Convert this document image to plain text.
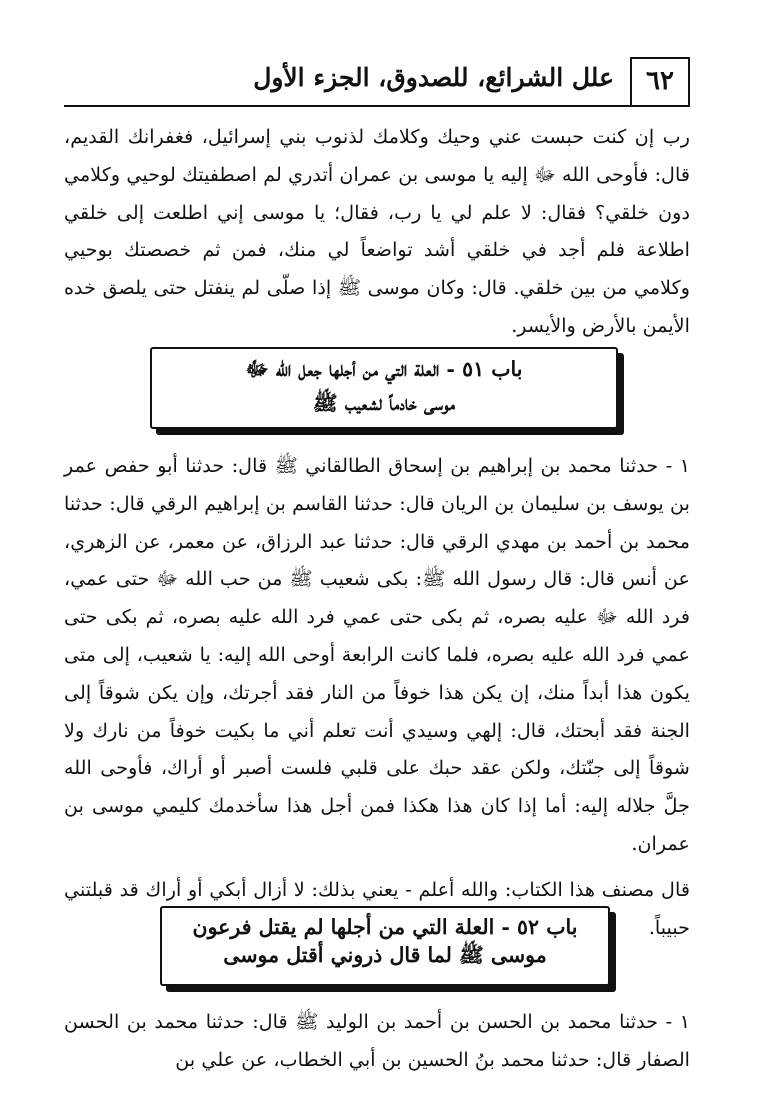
٦٢
علل الشرائع، للصدوق، الجزء الأول

رب إن كنت حبست عني وحيك وكلامك لذنوب بني إسرائيل، فغفرانك القديم، قال: فأوحى الله ﷻ إليه يا موسى بن عمران أتدري لم اصطفيتك لوحيي وكلامي دون خلقي؟ فقال: لا علم لي يا رب، فقال؛ يا موسى إني اطلعت إلى خلقي اطلاعة فلم أجد في خلقي أشد تواضعاً لي منك، فمن ثم خصصتك بوحيي وكلامي من بين خلقي. قال: وكان موسى ﷺ إذا صلّى لم ينفتل حتى يلصق خده الأيمن بالأرض والأيسر.

باب ٥١ - العلة التي من أجلها جعل الله ﷻ
موسى خادماً لشعيب ﷺ

١ - حدثنا محمد بن إبراهيم بن إسحاق الطالقاني ﷺ قال: حدثنا أبو حفص عمر بن يوسف بن سليمان بن الريان قال: حدثنا القاسم بن إبراهيم الرقي قال: حدثنا محمد بن أحمد بن مهدي الرقي قال: حدثنا عبد الرزاق، عن معمر، عن الزهري، عن أنس قال: قال رسول الله ﷺ: بكى شعيب ﷺ من حب الله ﷻ حتى عمي، فرد الله ﷻ عليه بصره، ثم بكى حتى عمي فرد الله عليه بصره، ثم بكى حتى عمي فرد الله عليه بصره، فلما كانت الرابعة أوحى الله إليه: يا شعيب، إلى متى يكون هذا أبداً منك، إن يكن هذا خوفاً من النار فقد أجرتك، وإن يكن شوقاً إلى الجنة فقد أبحتك، قال: إلهي وسيدي أنت تعلم أني ما بكيت خوفاً من نارك ولا شوقاً إلى جنّتك، ولكن عقد حبك على قلبي فلست أصبر أو أراك، فأوحى الله جلَّ جلاله إليه: أما إذا كان هذا هكذا فمن أجل هذا سأخدمك كليمي موسى بن عمران.

قال مصنف هذا الكتاب: والله أعلم - يعني بذلك: لا أزال أبكي أو أراك قد قبلتني حبيباً.

باب ٥٢ - العلة التي من أجلها لم يقتل فرعون
موسى ﷺ لما قال ذروني أقتل موسى

١ - حدثنا محمد بن الحسن بن أحمد بن الوليد ﷺ قال: حدثنا محمد بن الحسن الصفار قال: حدثنا محمد بنُ الحسين بن أبي الخطاب، عن علي بن
